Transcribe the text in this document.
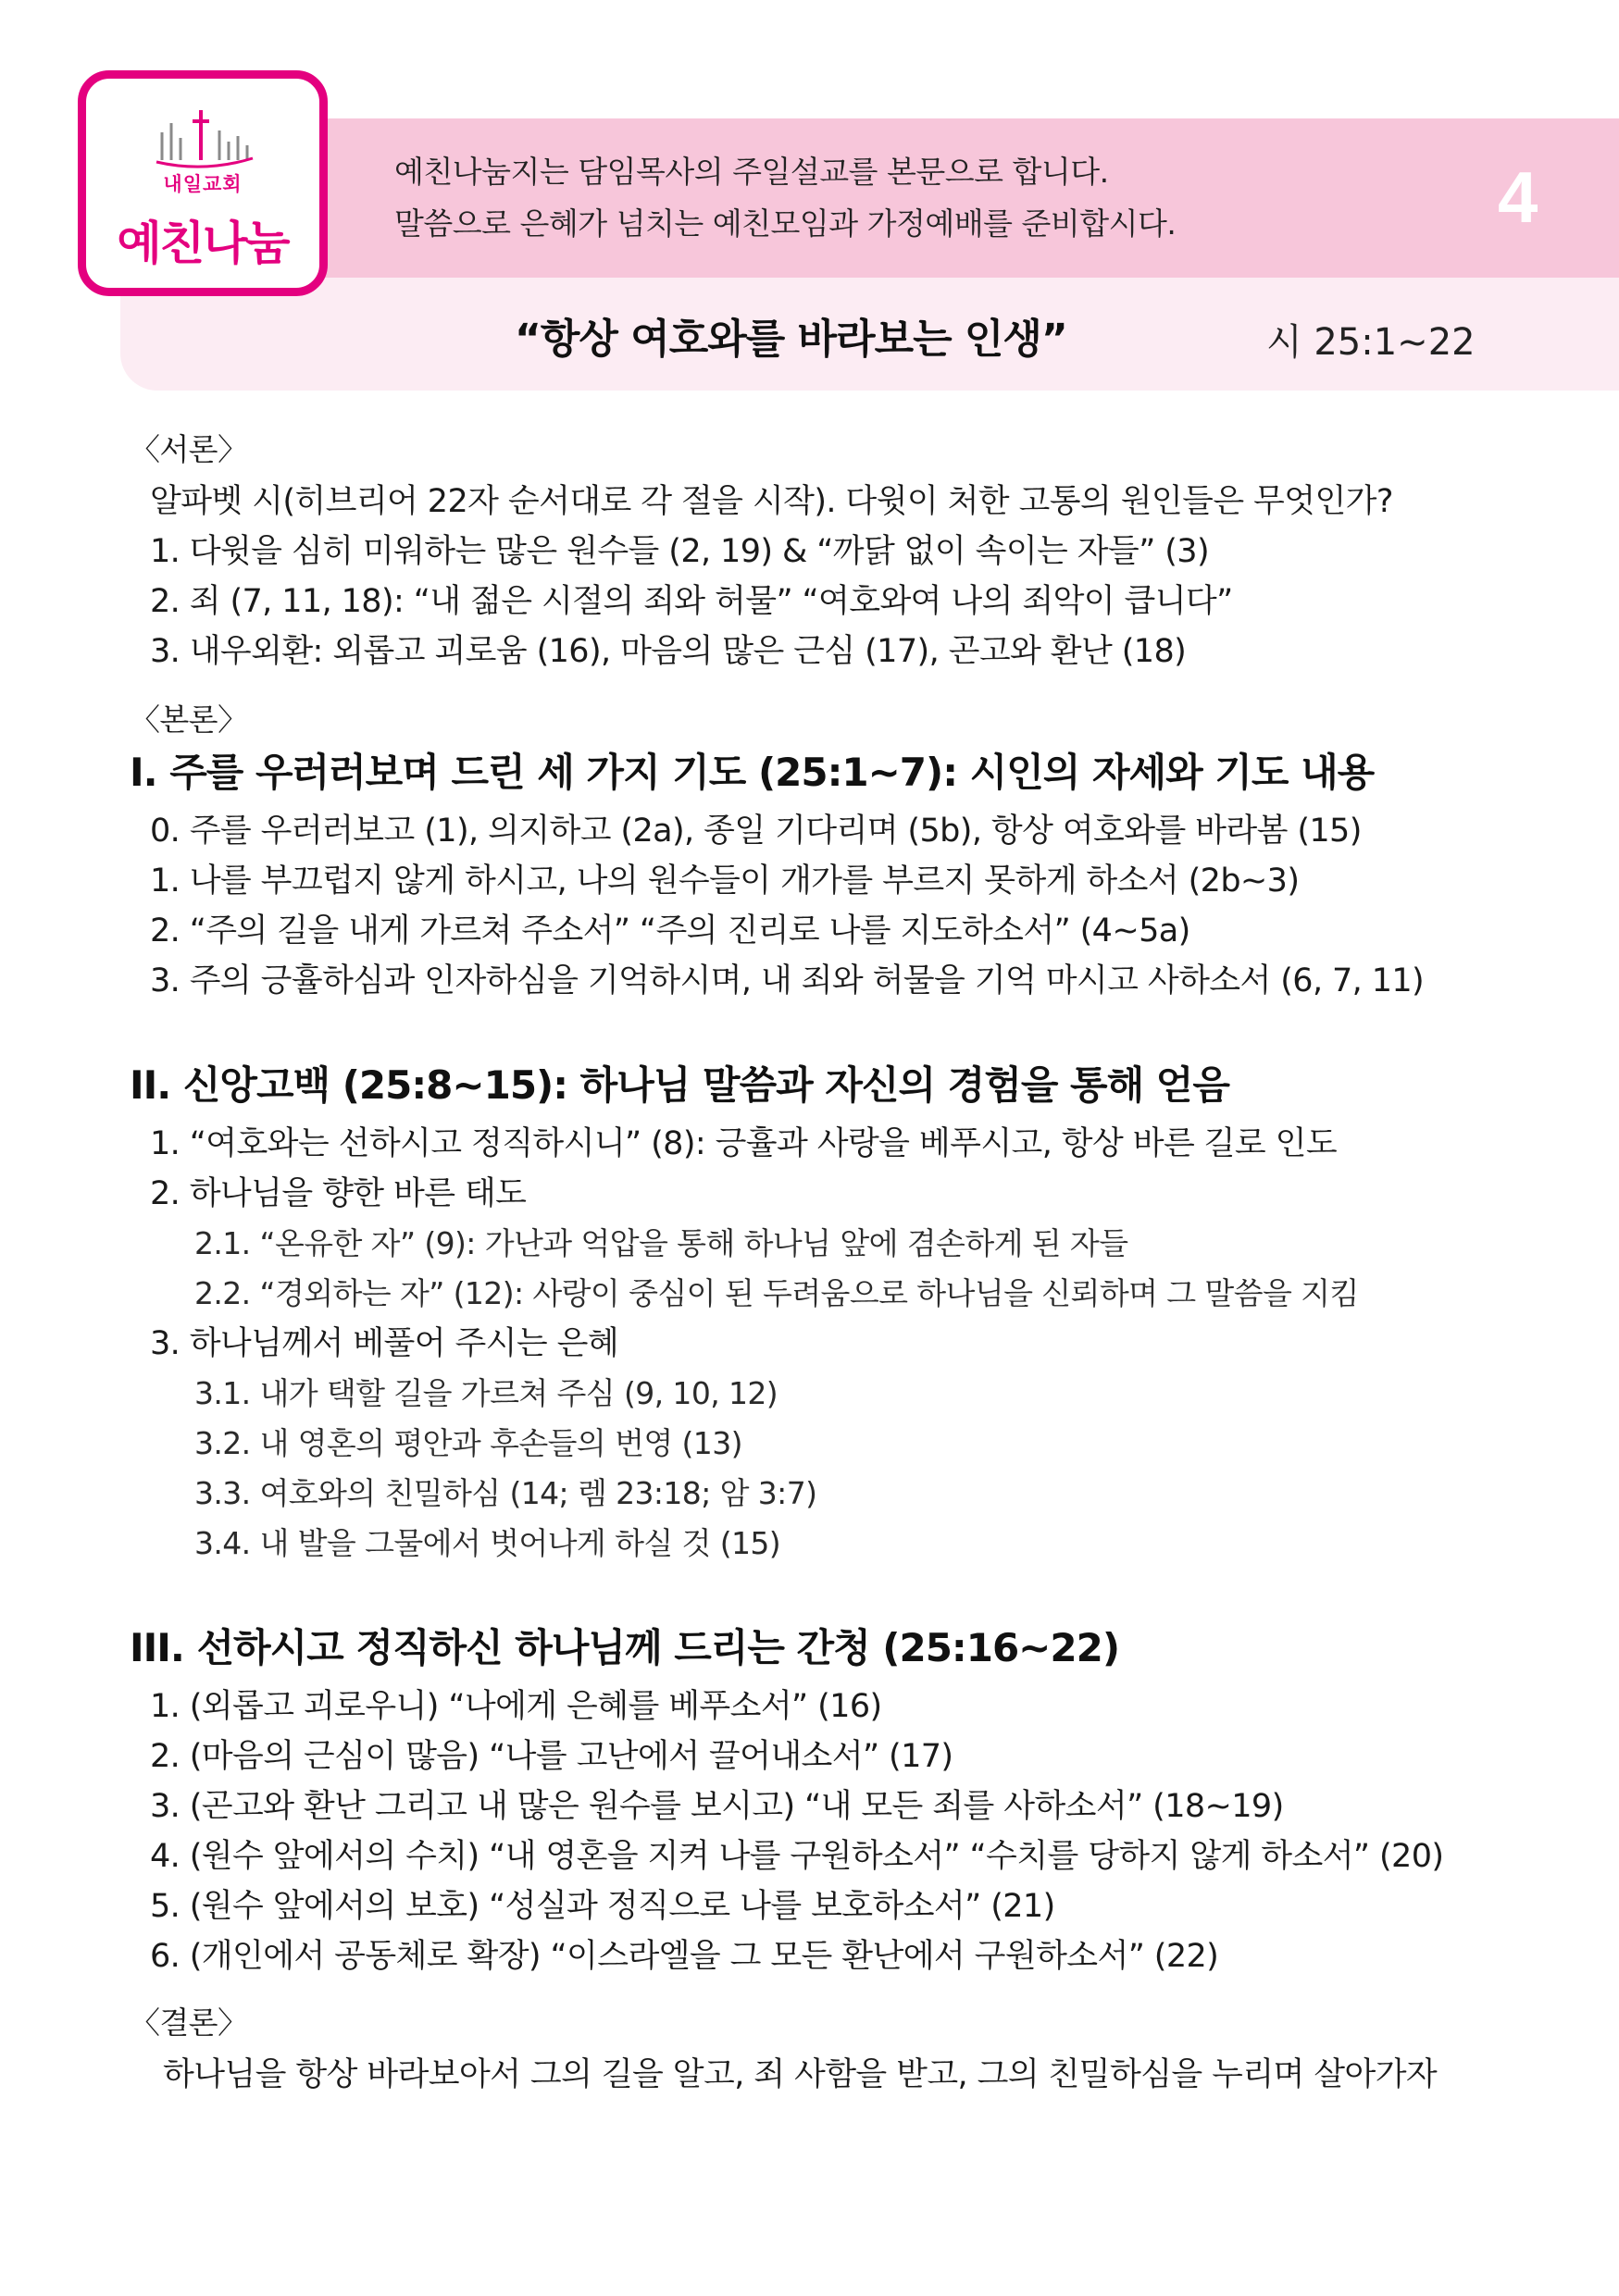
내일교회
예친나눔
예친나눔지는 담임목사의 주일설교를 본문으로 합니다.
말씀으로 은혜가 넘치는 예친모임과 가정예배를 준비합시다.	4
“항상 여호와를 바라보는 인생”	시 25:1~22
〈서론〉
알파벳 시(히브리어 22자 순서대로 각 절을 시작). 다윗이 처한 고통의 원인들은 무엇인가?
1. 다윗을 심히 미워하는 많은 원수들 (2, 19) & “까닭 없이 속이는 자들” (3)
2. 죄 (7, 11, 18): “내 젊은 시절의 죄와 허물” “여호와여 나의 죄악이 큽니다”
3. 내우외환: 외롭고 괴로움 (16), 마음의 많은 근심 (17), 곤고와 환난 (18)
〈본론〉
I. 주를 우러러보며 드린 세 가지 기도 (25:1~7): 시인의 자세와 기도 내용
0. 주를 우러러보고 (1), 의지하고 (2a), 종일 기다리며 (5b), 항상 여호와를 바라봄 (15)
1. 나를 부끄럽지 않게 하시고, 나의 원수들이 개가를 부르지 못하게 하소서 (2b~3)
2. “주의 길을 내게 가르쳐 주소서” “주의 진리로 나를 지도하소서” (4~5a)
3. 주의 긍휼하심과 인자하심을 기억하시며, 내 죄와 허물을 기억 마시고 사하소서 (6, 7, 11)
II. 신앙고백 (25:8~15): 하나님 말씀과 자신의 경험을 통해 얻음
1. “여호와는 선하시고 정직하시니” (8): 긍휼과 사랑을 베푸시고, 항상 바른 길로 인도
2. 하나님을 향한 바른 태도
2.1. “온유한 자” (9): 가난과 억압을 통해 하나님 앞에 겸손하게 된 자들
2.2. “경외하는 자” (12): 사랑이 중심이 된 두려움으로 하나님을 신뢰하며 그 말씀을 지킴
3. 하나님께서 베풀어 주시는 은혜
3.1. 내가 택할 길을 가르쳐 주심 (9, 10, 12)
3.2. 내 영혼의 평안과 후손들의 번영 (13)
3.3. 여호와의 친밀하심 (14; 렘 23:18; 암 3:7)
3.4. 내 발을 그물에서 벗어나게 하실 것 (15)
III. 선하시고 정직하신 하나님께 드리는 간청 (25:16~22)
1. (외롭고 괴로우니) “나에게 은혜를 베푸소서” (16)
2. (마음의 근심이 많음) “나를 고난에서 끌어내소서” (17)
3. (곤고와 환난 그리고 내 많은 원수를 보시고) “내 모든 죄를 사하소서” (18~19)
4. (원수 앞에서의 수치) “내 영혼을 지켜 나를 구원하소서” “수치를 당하지 않게 하소서” (20)
5. (원수 앞에서의 보호) “성실과 정직으로 나를 보호하소서” (21)
6. (개인에서 공동체로 확장) “이스라엘을 그 모든 환난에서 구원하소서” (22)
〈결론〉
하나님을 항상 바라보아서 그의 길을 알고, 죄 사함을 받고, 그의 친밀하심을 누리며 살아가자
